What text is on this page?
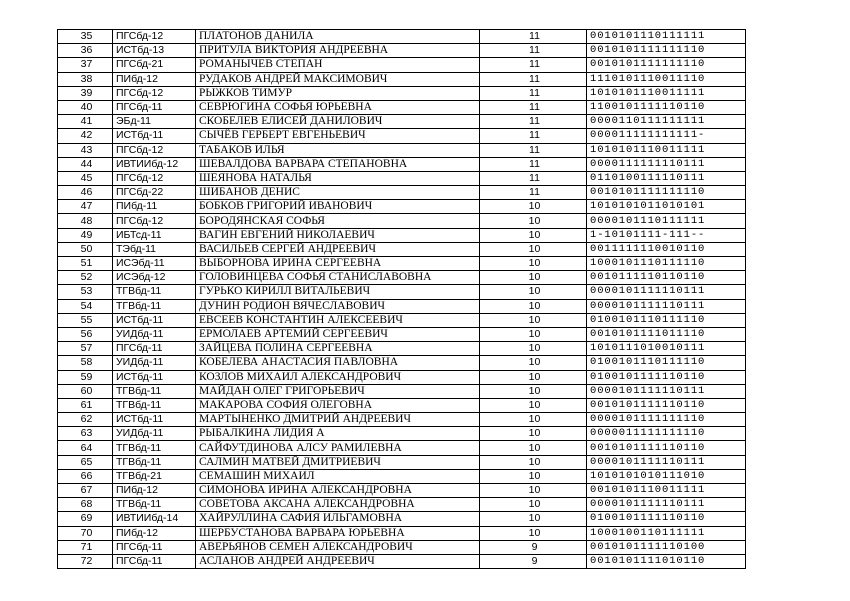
35	ПГСбд-12	ПЛАТОНОВ ДАНИЛА	11	0010101110111111
36	ИСТбд-13	ПРИТУЛА ВИКТОРИЯ АНДРЕЕВНА	11	0010101111111110
37	ПГСбд-21	РОМАНЫЧЕВ СТЕПАН	11	0010101111111110
38	ПИбд-12	РУДАКОВ АНДРЕЙ МАКСИМОВИЧ	11	1110101110011110
39	ПГСбд-12	РЫЖКОВ ТИМУР	11	1010101110011111
40	ПГСбд-11	СЕВРЮГИНА СОФЬЯ ЮРЬЕВНА	11	1100101111110110
41	ЭБд-11	СКОБЕЛЕВ ЕЛИСЕЙ ДАНИЛОВИЧ	11	0000110111111111
42	ИСТбд-11	СЫЧЁВ ГЕРБЕРТ ЕВГЕНЬЕВИЧ	11	000011111111111-
43	ПГСбд-12	ТАБАКОВ ИЛЬЯ	11	1010101110011111
44	ИВТИИбд-12	ШЕВАЛДОВА ВАРВАРА СТЕПАНОВНА	11	0000111111110111
45	ПГСбд-12	ШЕЯНОВА НАТАЛЬЯ	11	0110100111110111
46	ПГСбд-22	ШИБАНОВ ДЕНИС	11	0010101111111110
47	ПИбд-11	БОБКОВ ГРИГОРИЙ ИВАНОВИЧ	10	1010101011010101
48	ПГСбд-12	БОРОДЯНСКАЯ СОФЬЯ	10	0000101110111111
49	ИБТсд-11	ВАГИН ЕВГЕНИЙ НИКОЛАЕВИЧ	10	1-10101111-111--
50	ТЭбд-11	ВАСИЛЬЕВ СЕРГЕЙ АНДРЕЕВИЧ	10	0011111110010110
51	ИСЭбд-11	ВЫБОРНОВА ИРИНА СЕРГЕЕВНА	10	1000101110111110
52	ИСЭбд-12	ГОЛОВИНЦЕВА СОФЬЯ СТАНИСЛАВОВНА	10	0010111110110110
53	ТГВбд-11	ГУРЬКО КИРИЛЛ ВИТАЛЬЕВИЧ	10	0000101111110111
54	ТГВбд-11	ДУНИН РОДИОН ВЯЧЕСЛАВОВИЧ	10	0000101111110111
55	ИСТбд-11	ЕВСЕЕВ КОНСТАНТИН АЛЕКСЕЕВИЧ	10	0100101110111110
56	УИДбд-11	ЕРМОЛАЕВ АРТЕМИЙ СЕРГЕЕВИЧ	10	0010101111011110
57	ПГСбд-11	ЗАЙЦЕВА ПОЛИНА СЕРГЕЕВНА	10	1010111010010111
58	УИДбд-11	КОБЕЛЕВА АНАСТАСИЯ ПАВЛОВНА	10	0100101110111110
59	ИСТбд-11	КОЗЛОВ МИХАИЛ АЛЕКСАНДРОВИЧ	10	0100101111110110
60	ТГВбд-11	МАЙДАН ОЛЕГ ГРИГОРЬЕВИЧ	10	0000101111110111
61	ТГВбд-11	МАКАРОВА СОФИЯ ОЛЕГОВНА	10	0010101111110110
62	ИСТбд-11	МАРТЫНЕНКО ДМИТРИЙ АНДРЕЕВИЧ	10	0000101111111110
63	УИДбд-11	РЫБАЛКИНА ЛИДИЯ А	10	0000011111111110
64	ТГВбд-11	САЙФУТДИНОВА АЛСУ РАМИЛЕВНА	10	0010101111110110
65	ТГВбд-11	САЛМИН МАТВЕЙ ДМИТРИЕВИЧ	10	0000101111110111
66	ТГВбд-21	СЕМАШИН МИХАИЛ	10	1010101010111010
67	ПИбд-12	СИМОНОВА ИРИНА АЛЕКСАНДРОВНА	10	0010101110011111
68	ТГВбд-11	СОВЕТОВА АКСАНА АЛЕКСАНДРОВНА	10	0000101111110111
69	ИВТИИбд-14	ХАЙРУЛЛИНА САФИЯ ИЛЬГАМОВНА	10	0100101111110110
70	ПИбд-12	ШЕРБУСТАНОВА ВАРВАРА ЮРЬЕВНА	10	1000100110111111
71	ПГСбд-11	АВЕРЬЯНОВ СЕМЕН АЛЕКСАНДРОВИЧ	9	0010101111110100
72	ПГСбд-11	АСЛАНОВ АНДРЕЙ АНДРЕЕВИЧ	9	0010101111010110
